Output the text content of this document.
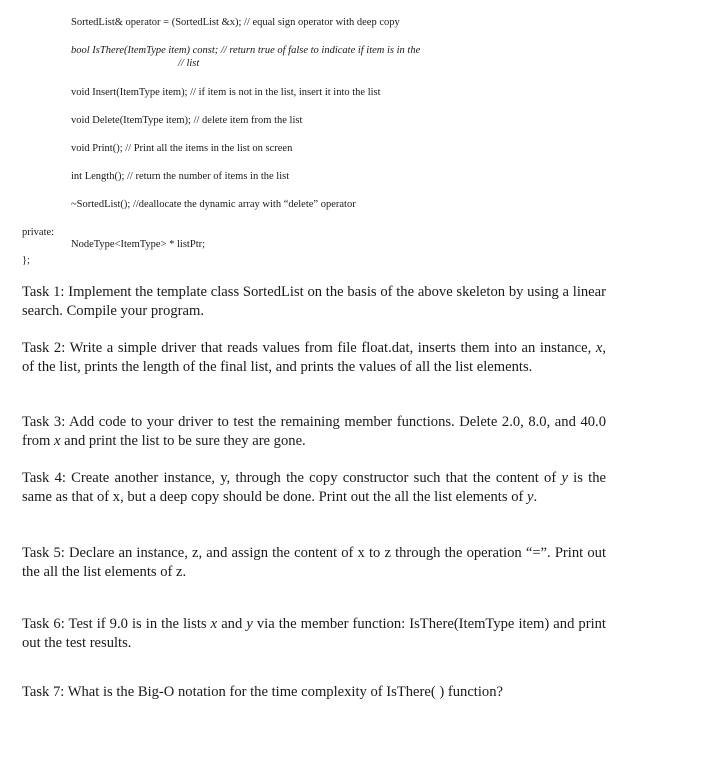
SortedList& operator = (SortedList &x); // equal sign operator with deep copy
bool IsThere(ItemType item) const; // return true of false to indicate if item is in the
// list
void Insert(ItemType item); // if item is not in the list, insert it into the list
void Delete(ItemType item); // delete item from the list
void Print(); // Print all the items in the list on screen
int Length(); // return the number of items in the list
~SortedList(); //deallocate the dynamic array with “delete” operator
private:
NodeType<ItemType> * listPtr;
};
Task 1: Implement the template class SortedList on the basis of the above skeleton by using a linear search. Compile your program.
Task 2: Write a simple driver that reads values from file float.dat, inserts them into an instance, x, of the list, prints the length of the final list, and prints the values of all the list elements.
Task 3: Add code to your driver to test the remaining member functions. Delete 2.0, 8.0, and 40.0 from x and print the list to be sure they are gone.
Task 4: Create another instance, y, through the copy constructor such that the content of y is the same as that of x, but a deep copy should be done. Print out the all the list elements of y.
Task 5: Declare an instance, z, and assign the content of x to z through the operation “=”. Print out the all the list elements of z.
Task 6: Test if 9.0 is in the lists x and y via the member function: IsThere(ItemType item) and print out the test results.
Task 7: What is the Big-O notation for the time complexity of IsThere( ) function?
